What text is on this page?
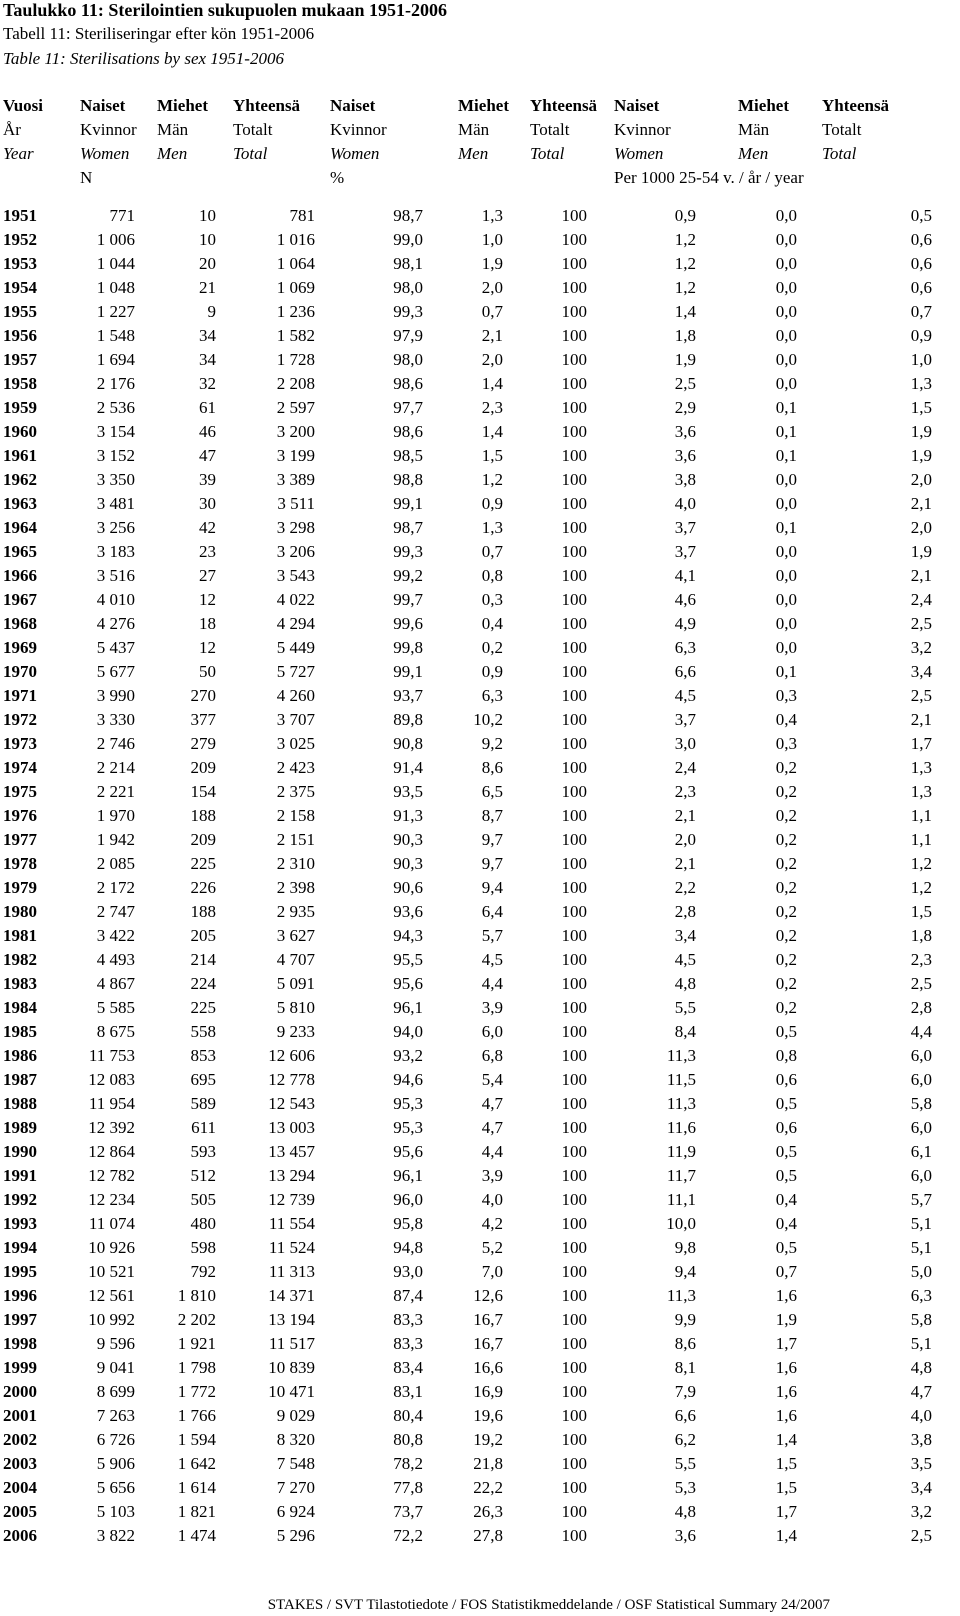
Taulukko 11: Sterilointien sukupuolen mukaan 1951-2006
Tabell 11: Steriliseringar efter kön 1951-2006
Table 11: Sterilisations by sex 1951-2006
Vuosi	Naiset	Miehet	Yhteensä	Naiset	Miehet	Yhteensä	Naiset	Miehet	Yhteensä
År	Kvinnor	Män	Totalt	Kvinnor	Män	Totalt	Kvinnor	Män	Totalt
Year	Women	Men	Total	Women	Men	Total	Women	Men	Total
	N			%			Per 1000 25-54 v. / år / year		

1951	771	10	781	98,7	1,3	100	0,9	0,0	0,5
1952	1 006	10	1 016	99,0	1,0	100	1,2	0,0	0,6
1953	1 044	20	1 064	98,1	1,9	100	1,2	0,0	0,6
1954	1 048	21	1 069	98,0	2,0	100	1,2	0,0	0,6
1955	1 227	9	1 236	99,3	0,7	100	1,4	0,0	0,7
1956	1 548	34	1 582	97,9	2,1	100	1,8	0,0	0,9
1957	1 694	34	1 728	98,0	2,0	100	1,9	0,0	1,0
1958	2 176	32	2 208	98,6	1,4	100	2,5	0,0	1,3
1959	2 536	61	2 597	97,7	2,3	100	2,9	0,1	1,5
1960	3 154	46	3 200	98,6	1,4	100	3,6	0,1	1,9
1961	3 152	47	3 199	98,5	1,5	100	3,6	0,1	1,9
1962	3 350	39	3 389	98,8	1,2	100	3,8	0,0	2,0
1963	3 481	30	3 511	99,1	0,9	100	4,0	0,0	2,1
1964	3 256	42	3 298	98,7	1,3	100	3,7	0,1	2,0
1965	3 183	23	3 206	99,3	0,7	100	3,7	0,0	1,9
1966	3 516	27	3 543	99,2	0,8	100	4,1	0,0	2,1
1967	4 010	12	4 022	99,7	0,3	100	4,6	0,0	2,4
1968	4 276	18	4 294	99,6	0,4	100	4,9	0,0	2,5
1969	5 437	12	5 449	99,8	0,2	100	6,3	0,0	3,2
1970	5 677	50	5 727	99,1	0,9	100	6,6	0,1	3,4
1971	3 990	270	4 260	93,7	6,3	100	4,5	0,3	2,5
1972	3 330	377	3 707	89,8	10,2	100	3,7	0,4	2,1
1973	2 746	279	3 025	90,8	9,2	100	3,0	0,3	1,7
1974	2 214	209	2 423	91,4	8,6	100	2,4	0,2	1,3
1975	2 221	154	2 375	93,5	6,5	100	2,3	0,2	1,3
1976	1 970	188	2 158	91,3	8,7	100	2,1	0,2	1,1
1977	1 942	209	2 151	90,3	9,7	100	2,0	0,2	1,1
1978	2 085	225	2 310	90,3	9,7	100	2,1	0,2	1,2
1979	2 172	226	2 398	90,6	9,4	100	2,2	0,2	1,2
1980	2 747	188	2 935	93,6	6,4	100	2,8	0,2	1,5
1981	3 422	205	3 627	94,3	5,7	100	3,4	0,2	1,8
1982	4 493	214	4 707	95,5	4,5	100	4,5	0,2	2,3
1983	4 867	224	5 091	95,6	4,4	100	4,8	0,2	2,5
1984	5 585	225	5 810	96,1	3,9	100	5,5	0,2	2,8
1985	8 675	558	9 233	94,0	6,0	100	8,4	0,5	4,4
1986	11 753	853	12 606	93,2	6,8	100	11,3	0,8	6,0
1987	12 083	695	12 778	94,6	5,4	100	11,5	0,6	6,0
1988	11 954	589	12 543	95,3	4,7	100	11,3	0,5	5,8
1989	12 392	611	13 003	95,3	4,7	100	11,6	0,6	6,0
1990	12 864	593	13 457	95,6	4,4	100	11,9	0,5	6,1
1991	12 782	512	13 294	96,1	3,9	100	11,7	0,5	6,0
1992	12 234	505	12 739	96,0	4,0	100	11,1	0,4	5,7
1993	11 074	480	11 554	95,8	4,2	100	10,0	0,4	5,1
1994	10 926	598	11 524	94,8	5,2	100	9,8	0,5	5,1
1995	10 521	792	11 313	93,0	7,0	100	9,4	0,7	5,0
1996	12 561	1 810	14 371	87,4	12,6	100	11,3	1,6	6,3
1997	10 992	2 202	13 194	83,3	16,7	100	9,9	1,9	5,8
1998	9 596	1 921	11 517	83,3	16,7	100	8,6	1,7	5,1
1999	9 041	1 798	10 839	83,4	16,6	100	8,1	1,6	4,8
2000	8 699	1 772	10 471	83,1	16,9	100	7,9	1,6	4,7
2001	7 263	1 766	9 029	80,4	19,6	100	6,6	1,6	4,0
2002	6 726	1 594	8 320	80,8	19,2	100	6,2	1,4	3,8
2003	5 906	1 642	7 548	78,2	21,8	100	5,5	1,5	3,5
2004	5 656	1 614	7 270	77,8	22,2	100	5,3	1,5	3,4
2005	5 103	1 821	6 924	73,7	26,3	100	4,8	1,7	3,2
2006	3 822	1 474	5 296	72,2	27,8	100	3,6	1,4	2,5
STAKES / SVT Tilastotiedote / FOS Statistikmeddelande / OSF Statistical Summary 24/2007
